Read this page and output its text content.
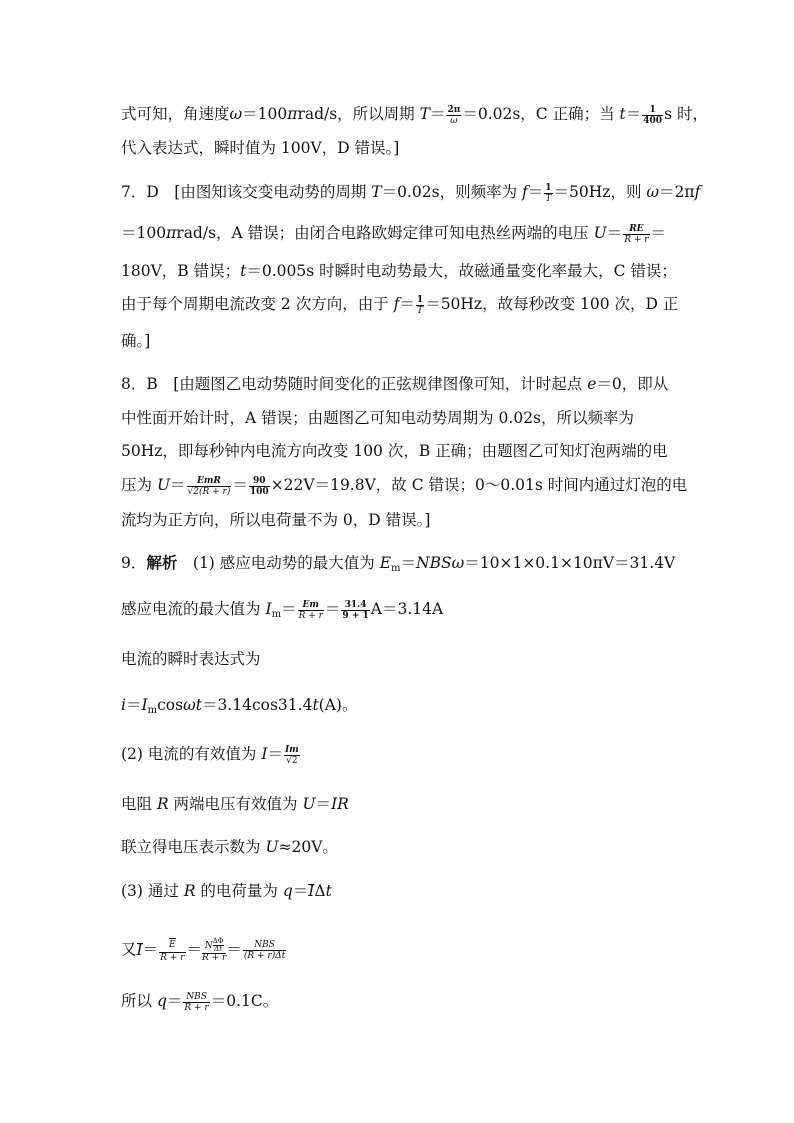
式可知，角速度ω＝100πrad/s，所以周期 $T= \frac{2\pi}{\omega} =0.02s$，C 正确；当 $t= \frac{1}{400}$ s 时，
代入表达式，瞬时值为 100V，D 错误。]
7．D　[由图知该交变电动势的周期 T＝0.02s，则频率为 $f= \frac{1}{T} =50Hz$，则 ω＝2πf
＝100πrad/s，A 错误；由闭合电路欧姆定律可知电热丝两端的电压 $U= \frac{RE}{R + r}$ ＝
180V，B 错误；t＝0.005s 时瞬时电动势最大，故磁通量变化率最大，C 错误；
由于每个周期电流改变 2 次方向，由于 $f= \frac{1}{T} =50Hz$，故每秒改变 100 次，D 正
确。]
8．B　[由题图乙电动势随时间变化的正弦规律图像可知，计时起点 e＝0，即从
中性面开始计时，A 错误；由题图乙可知电动势周期为 0.02s，所以频率为
50Hz，即每秒钟内电流方向改变 100 次，B 正确；由题图乙可知灯泡两端的电
压为 $U= \frac{\text{EmR}}{√2(R + r)} = \frac{90}{100} \times 22V=19.8V$，故 C 错误；0～0.01s 时间内通过灯泡的电
流均为正方向，所以电荷量不为 0，D 错误。]
9．解析　(1) 感应电动势的最大值为 $E_m=NBS\omega=10\times 1\times 0.1\times 10\pi V=31.4V$
感应电流的最大值为 $I_m= \frac{Em}{R + r} = \frac{31.4}{9 + 1} A=3.14A$
电流的瞬时表达式为
$i=I_m\cos\omega t=3.14\cos 31.4t(A)$。
(2) 电流的有效值为 $I= \frac{Im}{√2}$
电阻 R 两端电压有效值为 U＝IR
联立得电压表示数为 U≈20V。
(3) 通过 R 的电荷量为 q＝IΔt
又$I= \frac{E}{R + r} = N \frac{\Delta\Phi}{\Delta t}$
$R + r = \frac{\text{NBS}}{(R + r)\Delta t}$
所以 $q= \frac{\text{NBS}}{R + r} =0.1C$。
